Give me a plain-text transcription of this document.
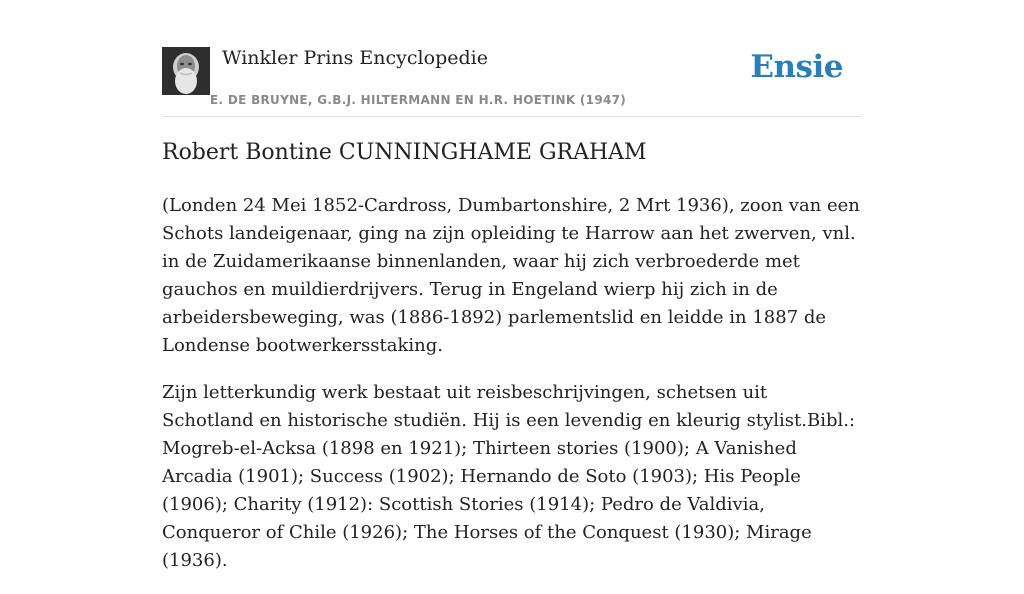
Winkler Prins Encyclopedie
E. DE BRUYNE, G.B.J. HILTERMANN EN H.R. HOETINK (1947)
Ensie
Robert Bontine CUNNINGHAME GRAHAM

(Londen 24 Mei 1852-Cardross, Dumbartonshire, 2 Mrt 1936), zoon van een Schots landeigenaar, ging na zijn opleiding te Harrow aan het zwerven, vnl. in de Zuidamerikaanse binnenlanden, waar hij zich verbroederde met gauchos en muildierdrijvers. Terug in Engeland wierp hij zich in de arbeidersbeweging, was (1886-1892) parlementslid en leidde in 1887 de Londense bootwerkersstaking.

Zijn letterkundig werk bestaat uit reisbeschrijvingen, schetsen uit Schotland en historische studiën. Hij is een levendig en kleurig stylist.Bibl.: Mogreb-el-Acksa (1898 en 1921); Thirteen stories (1900); A Vanished Arcadia (1901); Success (1902); Hernando de Soto (1903); His People (1906); Charity (1912): Scottish Stories (1914); Pedro de Valdivia, Conqueror of Chile (1926); The Horses of the Conquest (1930); Mirage (1936).
